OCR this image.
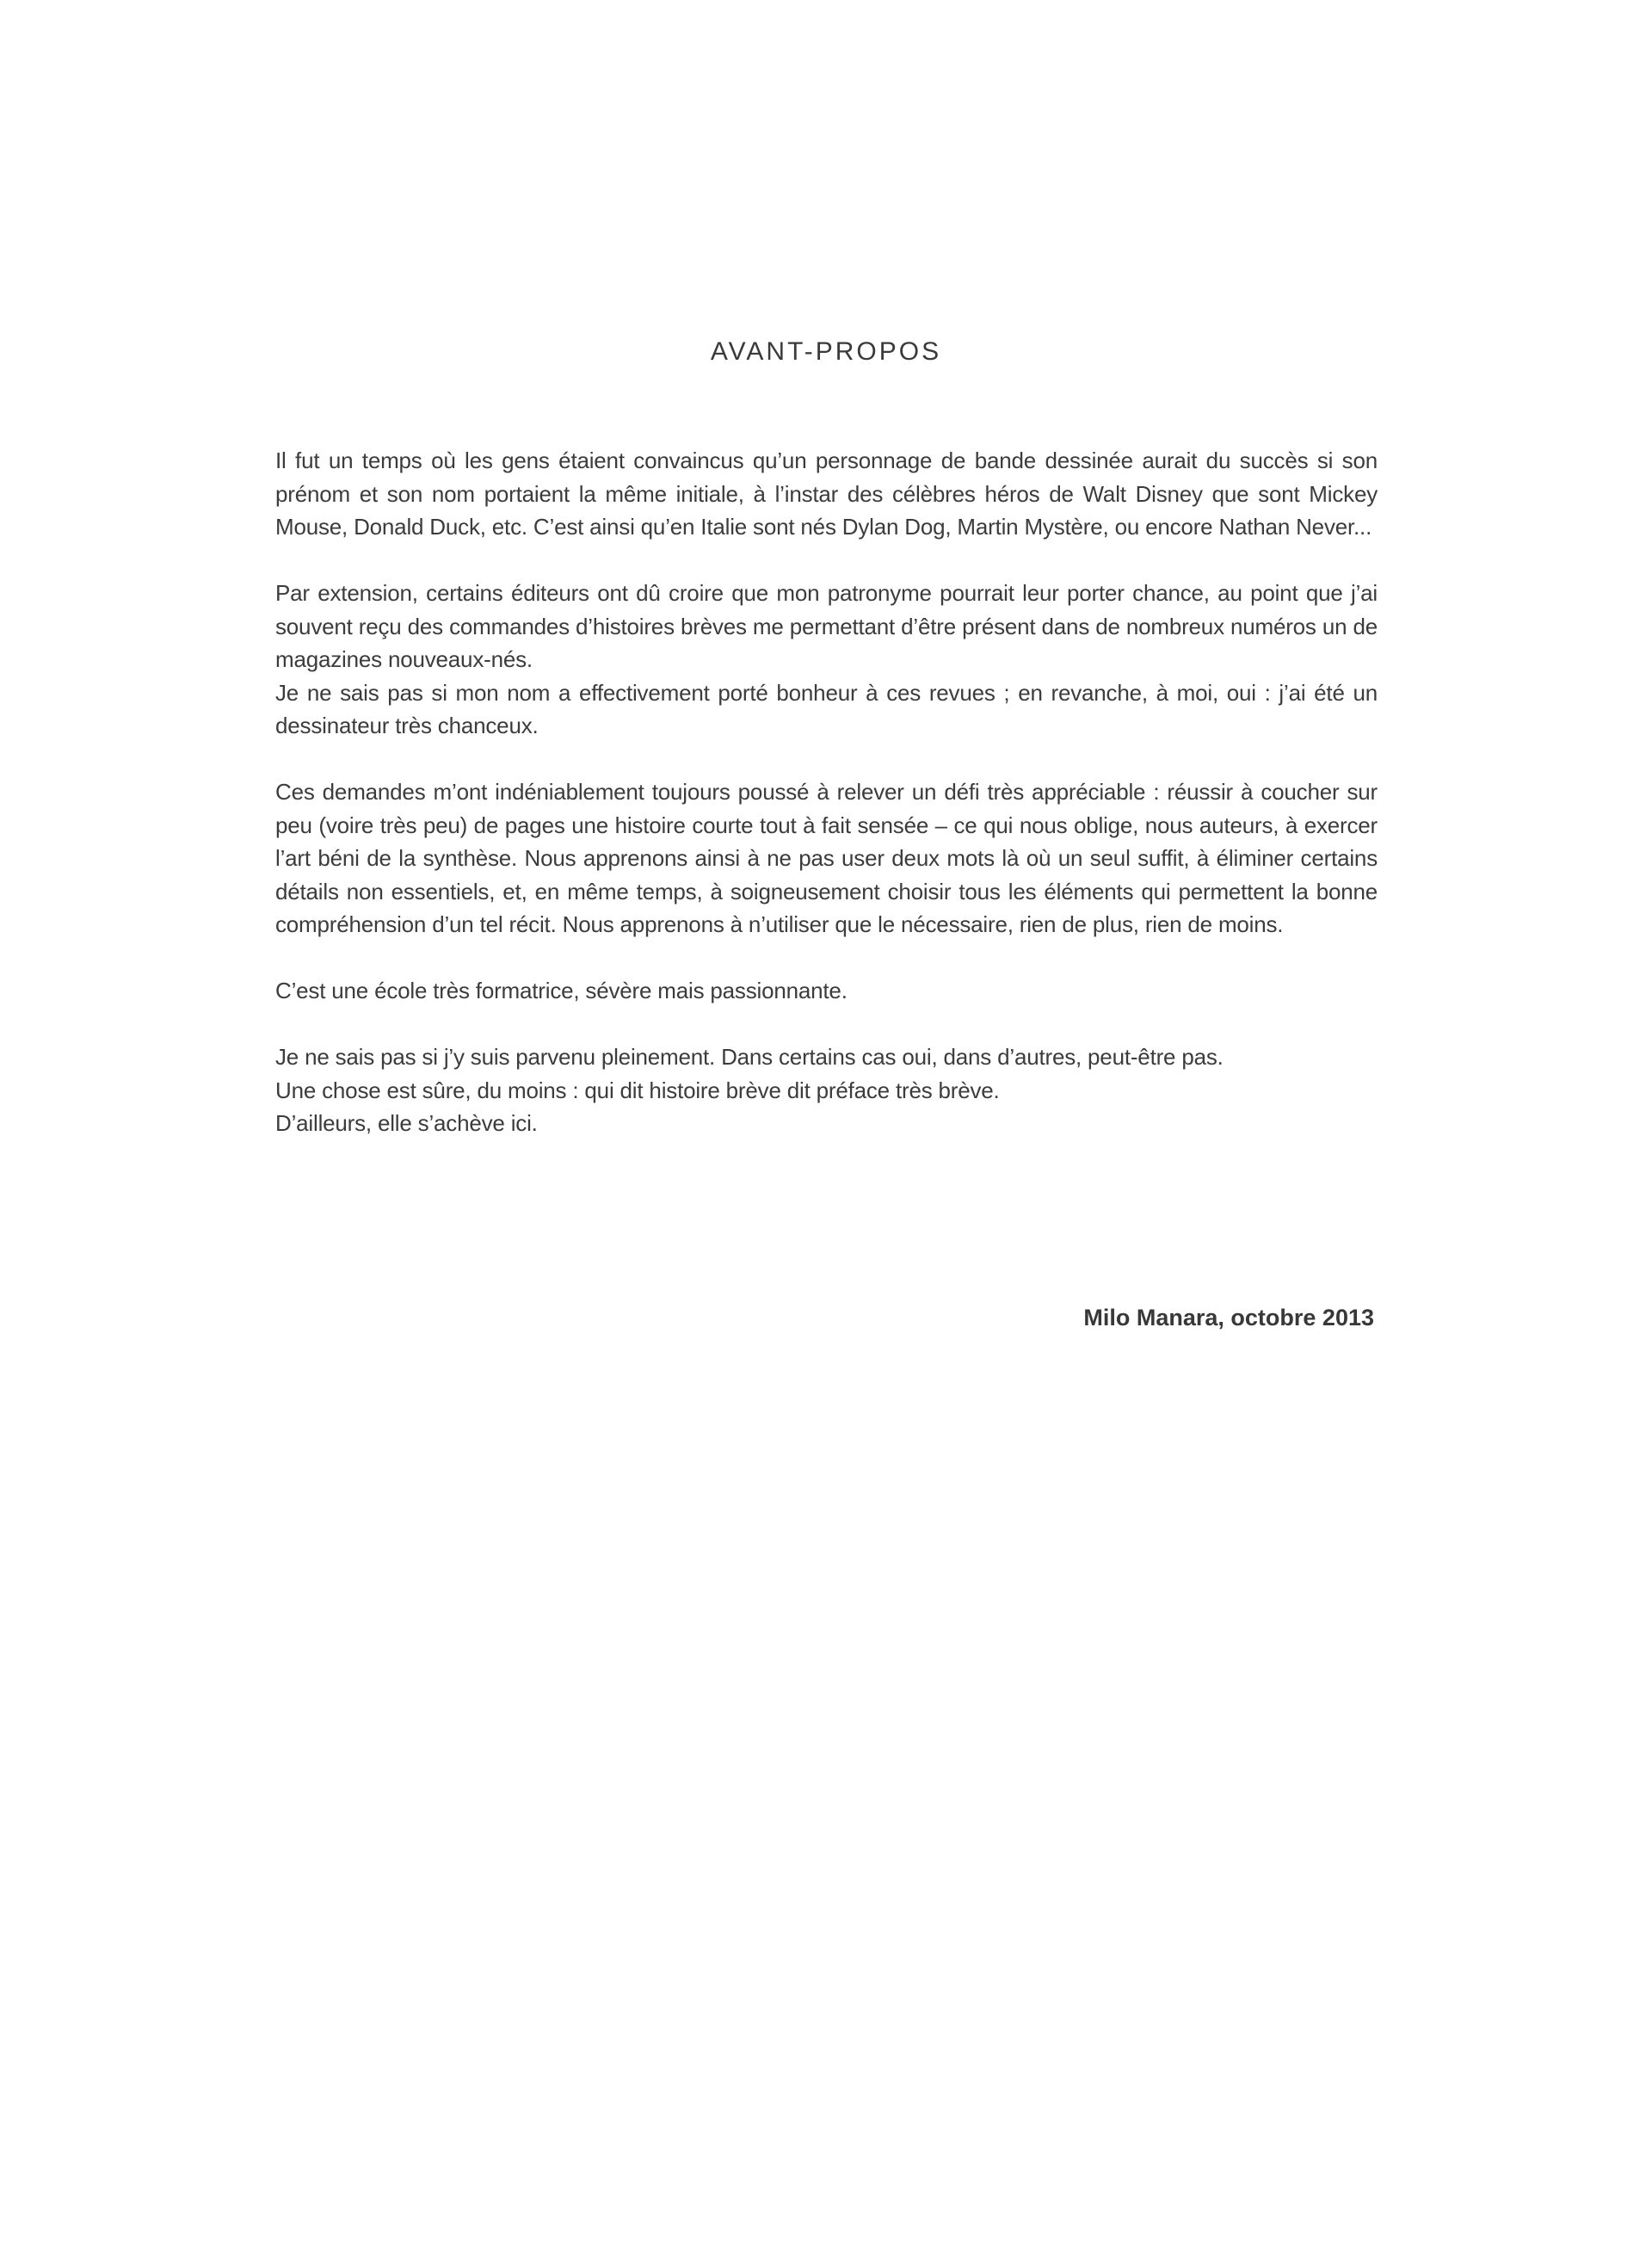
AVANT-PROPOS
Il fut un temps où les gens étaient convaincus qu’un personnage de bande dessinée aurait du succès si son prénom et son nom portaient la même initiale, à l’instar des célèbres héros de Walt Disney que sont Mickey Mouse, Donald Duck, etc. C’est ainsi qu’en Italie sont nés Dylan Dog, Martin Mystère, ou encore Nathan Never...
Par extension, certains éditeurs ont dû croire que mon patronyme pourrait leur porter chance, au point que j’ai souvent reçu des commandes d’histoires brèves me permettant d’être présent dans de nombreux numéros un de magazines nouveaux-nés.
Je ne sais pas si mon nom a effectivement porté bonheur à ces revues ; en revanche, à moi, oui : j’ai été un dessinateur très chanceux.
Ces demandes m’ont indéniablement toujours poussé à relever un défi très appréciable : réussir à coucher sur peu (voire très peu) de pages une histoire courte tout à fait sensée – ce qui nous oblige, nous auteurs, à exercer l’art béni de la synthèse. Nous apprenons ainsi à ne pas user deux mots là où un seul suffit, à éliminer certains détails non essentiels, et, en même temps, à soigneusement choisir tous les éléments qui permettent la bonne compréhension d’un tel récit. Nous apprenons à n’utiliser que le nécessaire, rien de plus, rien de moins.
C’est une école très formatrice, sévère mais passionnante.
Je ne sais pas si j’y suis parvenu pleinement. Dans certains cas oui, dans d’autres, peut-être pas.
Une chose est sûre, du moins : qui dit histoire brève dit préface très brève.
D’ailleurs, elle s’achève ici.
Milo Manara, octobre 2013
